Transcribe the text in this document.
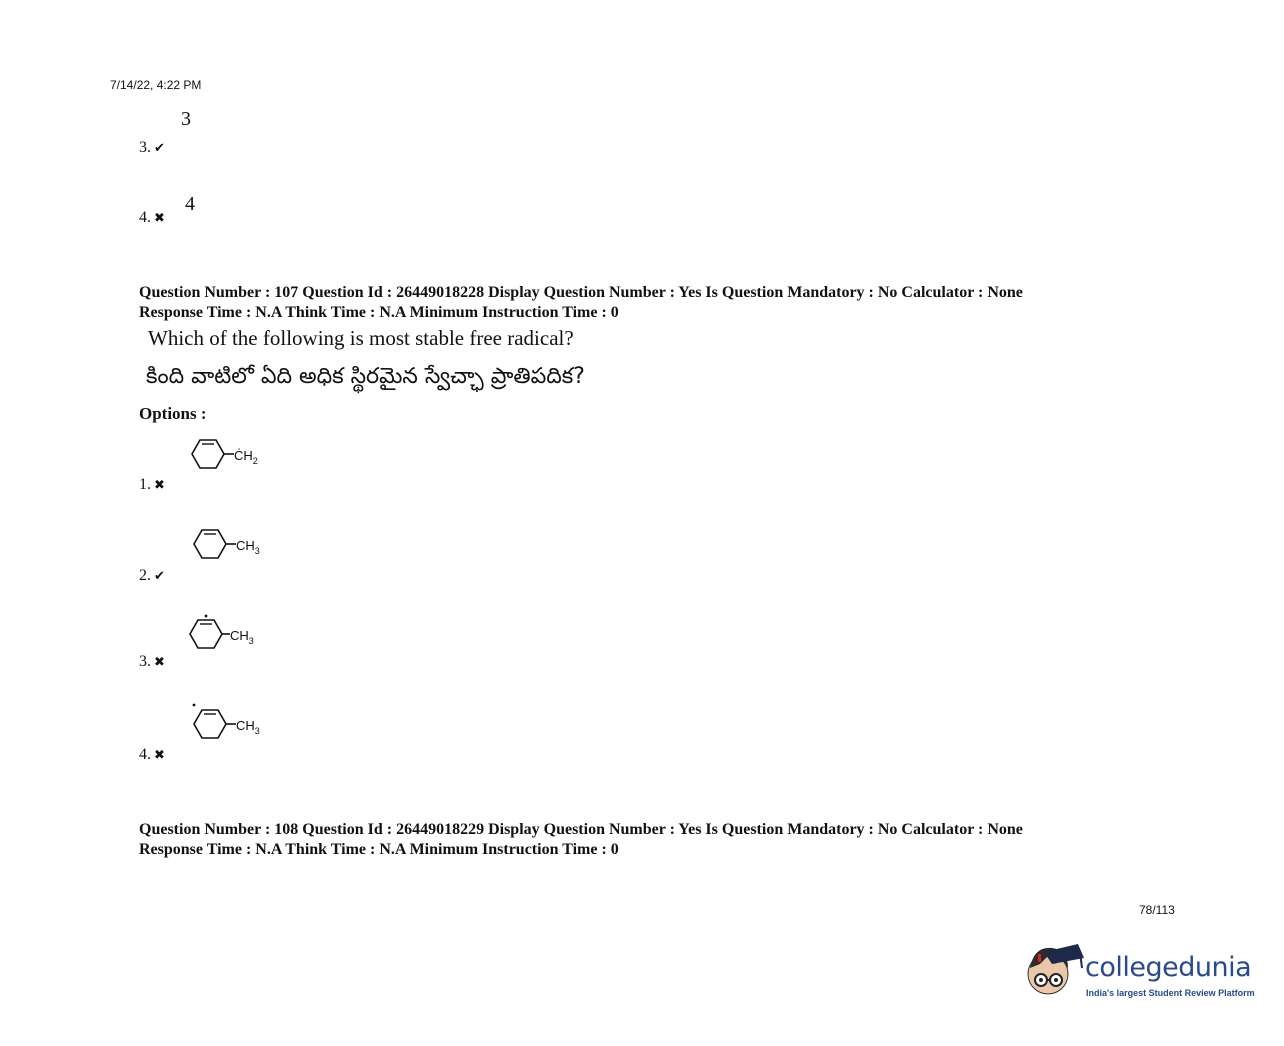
7/14/22, 4:22 PM
3
3. ✔
4
4. ✖
Question Number : 107 Question Id : 26449018228 Display Question Number : Yes Is Question Mandatory : No Calculator : None
Response Time : N.A Think Time : N.A Minimum Instruction Time : 0
Which of the following is most stable free radical?
కింది వాటిలో ఏది అధిక స్థిరమైన స్వేచ్ఛా ప్రాతిపదిక?
Options :
$ĊH_2$
1. ✖
$CH_3$
2. ✔
$CH_3$
3. ✖
$CH_3$
4. ✖
Question Number : 108 Question Id : 26449018229 Display Question Number : Yes Is Question Mandatory : No Calculator : None
Response Time : N.A Think Time : N.A Minimum Instruction Time : 0
78/113
collegedunia
India's largest Student Review Platform
